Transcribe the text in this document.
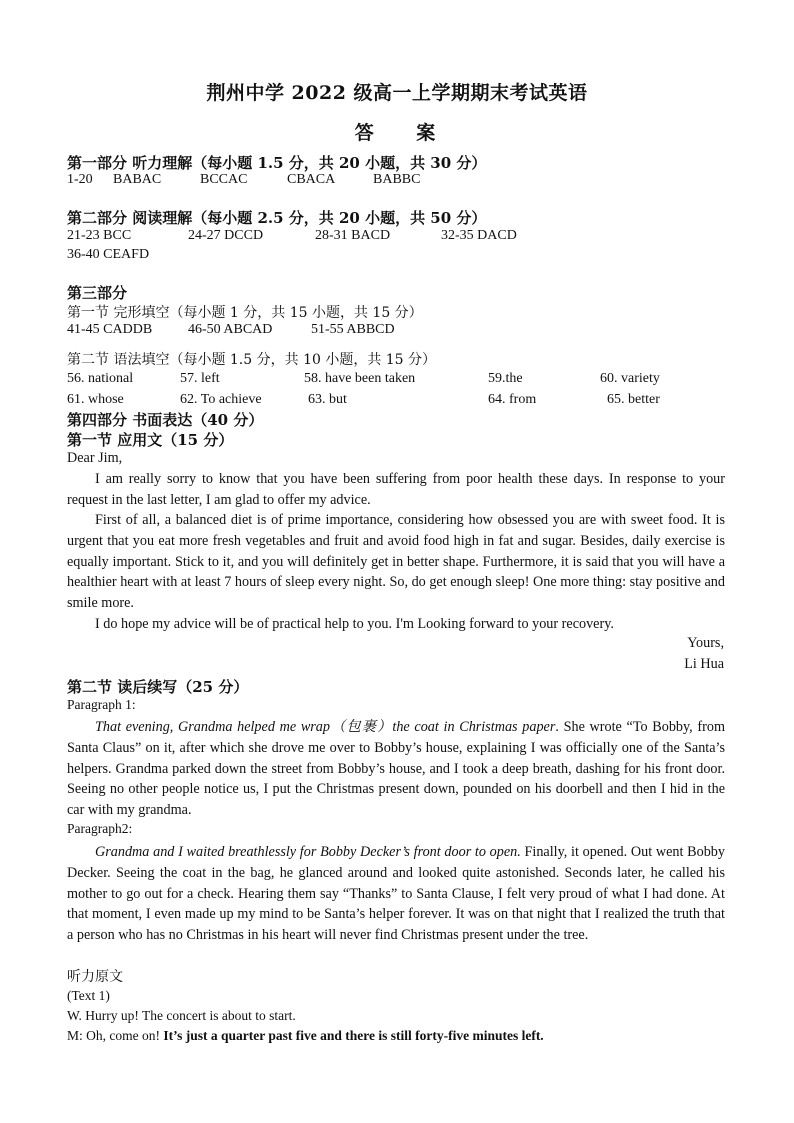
荆州中学 2022 级高一上学期期末考试英语
答 案
第一部分 听力理解（每小题 1.5 分，共 20 小题，共 30 分）
1-20 BABAC	BCCAC	CBACA	BABBC
第二部分 阅读理解（每小题 2.5 分，共 20 小题，共 50 分）
21-23 BCC	24-27 DCCD	28-31 BACD	32-35 DACD
36-40 CEAFD
第三部分
第一节 完形填空（每小题 1 分，共 15 小题，共 15 分）
41-45 CADDB	46-50 ABCAD	51-55 ABBCD
第二节 语法填空（每小题 1.5 分，共 10 小题，共 15 分）
56. national	57. left	58. have been taken	59.the	60. variety
61. whose	62. To achieve	63. but	64. from	65. better
第四部分 书面表达（40 分）
第一节 应用文（15 分）
Dear Jim,

I am really sorry to know that you have been suffering from poor health these days. In response to your request in the last letter, I am glad to offer my advice.

First of all, a balanced diet is of prime importance, considering how obsessed you are with sweet food. It is urgent that you eat more fresh vegetables and fruit and avoid food high in fat and sugar. Besides, daily exercise is equally important. Stick to it, and you will definitely get in better shape. Furthermore, it is said that you will have a healthier heart with at least 7 hours of sleep every night. So, do get enough sleep! One more thing: stay positive and smile more.

I do hope my advice will be of practical help to you. I'm Looking forward to your recovery.

Yours,
Li Hua
第二节 读后续写（25 分）
Paragraph 1:

That evening, Grandma helped me wrap（包裹）the coat in Christmas paper. She wrote “To Bobby, from Santa Claus” on it, after which she drove me over to Bobby’s house, explaining I was officially one of the Santa’s helpers. Grandma parked down the street from Bobby’s house, and I took a deep breath, dashing for his front door. Seeing no other people notice us, I put the Christmas present down, pounded on his doorbell and then I hid in the car with my grandma.

Paragraph2:

Grandma and I waited breathlessly for Bobby Decker’s front door to open. Finally, it opened. Out went Bobby Decker. Seeing the coat in the bag, he glanced around and looked quite astonished. Seconds later, he called his mother to go out for a check. Hearing them say “Thanks” to Santa Clause, I felt very proud of what I had done. At that moment, I even made up my mind to be Santa’s helper forever. It was on that night that I realized the truth that a person who has no Christmas in his heart will never find Christmas present under the tree.

听力原文
(Text 1)
W. Hurry up! The concert is about to start.
M: Oh, come on! It’s just a quarter past five and there is still forty-five minutes left.
